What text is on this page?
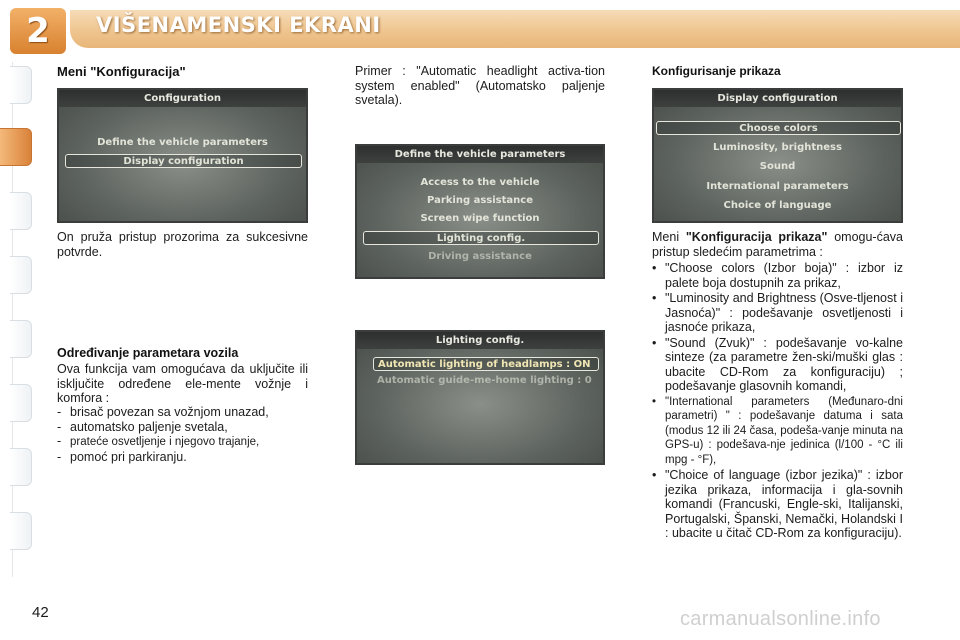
2	VIŠENAMENSKI EKRANI
Meni "Konfiguracija"
Configuration
Define the vehicle parameters
Display configuration
On pruža pristup prozorima za sukcesivne potvrde.
Određivanje parametara vozila
Ova funkcija vam omogućava da uključite ili isključite određene ele-mente vožnje i komfora :
- brisač povezan sa vožnjom unazad,
- automatsko paljenje svetala,
- prateće osvetljenje i njegovo trajanje,
- pomoć pri parkiranju.
Primer : "Automatic headlight activa-tion system enabled" (Automatsko paljenje svetala).
Define the vehicle parameters
Access to the vehicle
Parking assistance
Screen wipe function
Lighting config.
Driving assistance
Lighting config.
Automatic lighting of headlamps : ON
Automatic guide-me-home lighting : 0
Konfigurisanje prikaza
Display configuration
Choose colors
Luminosity, brightness
Sound
International parameters
Choice of language
Meni "Konfiguracija prikaza" omogu-ćava pristup sledećim parametrima :
• "Choose colors (Izbor boja)" : izbor iz palete boja dostupnih za prikaz,
• "Luminosity and Brightness (Osve-tljenost i Jasnoća)" : podešavanje osvetljenosti i jasnoće prikaza,
• "Sound (Zvuk)" : podešavanje vo-kalne sinteze (za parametre žen-ski/muški glas : ubacite CD-Rom za konfiguraciju) ; podešavanje glasovnih komandi,
• "International parameters (Međunaro-dni parametri) " : podešavanje datuma i sata (modus 12 ili 24 časa, podeša-vanje minuta na GPS-u) : podešava-nje jedinica (l/100 - °C ili mpg - °F),
• "Choice of language (izbor jezika)" : izbor jezika prikaza, informacija i gla-sovnih komandi (Francuski, Engle-ski, Italijanski, Portugalski, Španski, Nemački, Holandski I : ubacite u čitač CD-Rom za konfiguraciju).
42	carmanualsonline.info
